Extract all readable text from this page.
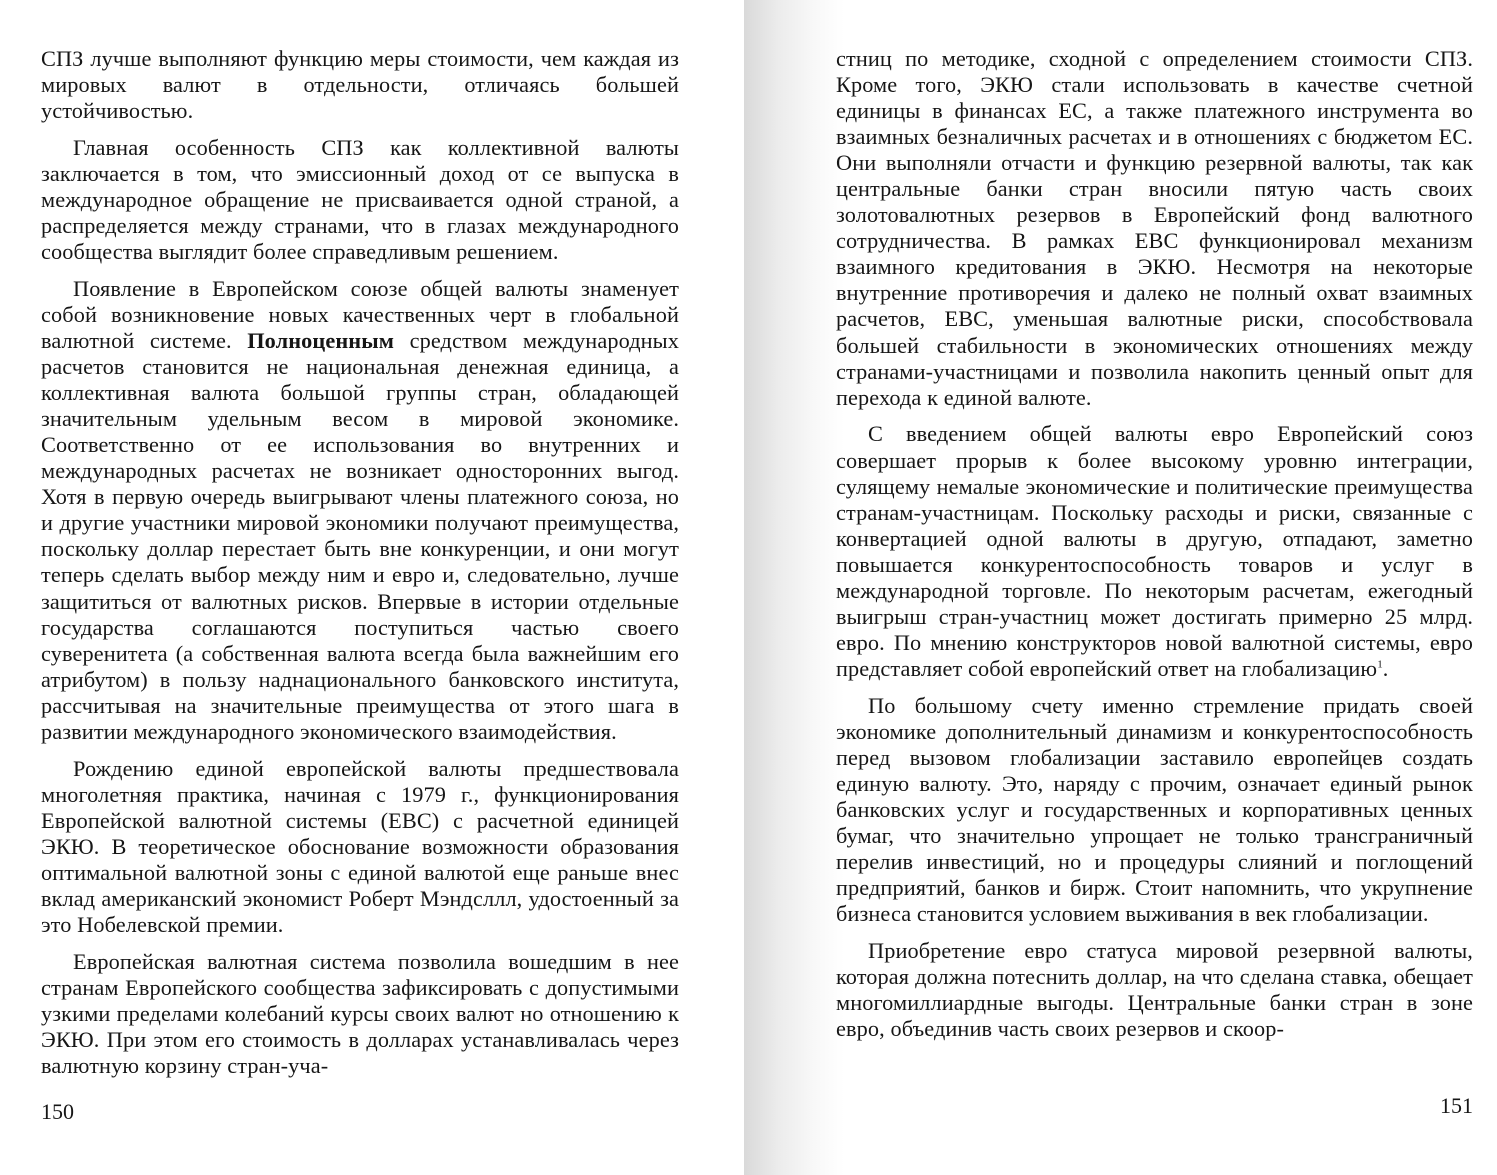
СПЗ лучше выполняют функцию меры стоимости, чем каждая из мировых валют в отдельности, отличаясь большей устойчивостью.

Главная особенность СПЗ как коллективной валюты заключается в том, что эмиссионный доход от се выпуска в международное обращение не присваивается одной страной, а распределяется между странами, что в глазах международного сообщества выглядит более справедливым решением.

Появление в Европейском союзе общей валюты знаменует собой возникновение новых качественных черт в глобальной валютной системе. Полноценным средством международных расчетов становится не национальная денежная единица, а коллективная валюта большой группы стран, обладающей значительным удельным весом в мировой экономике. Соответственно от ее использования во внутренних и международных расчетах не возникает односторонних выгод. Хотя в первую очередь выигрывают члены платежного союза, но и другие участники мировой экономики получают преимущества, поскольку доллар перестает быть вне конкуренции, и они могут теперь сделать выбор между ним и евро и, следовательно, лучше защититься от валютных рисков. Впервые в истории отдельные государства соглашаются поступиться частью своего суверенитета (а собственная валюта всегда была важнейшим его атрибутом) в пользу наднационального банковского института, рассчитывая на значительные преимущества от этого шага в развитии международного экономического взаимодействия.

Рождению единой европейской валюты предшествовала многолетняя практика, начиная с 1979 г., функционирования Европейской валютной системы (ЕВС) с расчетной единицей ЭКЮ. В теоретическое обоснование возможности образования оптимальной валютной зоны с единой валютой еще раньше внес вклад американский экономист Роберт Мэндсллл, удостоенный за это Нобелевской премии.

Европейская валютная система позволила вошедшим в нее странам Европейского сообщества зафиксировать с допустимыми узкими пределами колебаний курсы своих валют но отношению к ЭКЮ. При этом его стоимость в долларах устанавливалась через валютную корзину стран-уча-

150

стниц по методике, сходной с определением стоимости СПЗ. Кроме того, ЭКЮ стали использовать в качестве счетной единицы в финансах ЕС, а также платежного инструмента во взаимных безналичных расчетах и в отношениях с бюджетом ЕС. Они выполняли отчасти и функцию резервной валюты, так как центральные банки стран вносили пятую часть своих золотовалютных резервов в Европейский фонд валютного сотрудничества. В рамках ЕВС функционировал механизм взаимного кредитования в ЭКЮ. Несмотря на некоторые внутренние противоречия и далеко не полный охват взаимных расчетов, ЕВС, уменьшая валютные риски, способствовала большей стабильности в экономических отношениях между странами-участницами и позволила накопить ценный опыт для перехода к единой валюте.

С введением общей валюты евро Европейский союз совершает прорыв к более высокому уровню интеграции, сулящему немалые экономические и политические преимущества странам-участницам. Поскольку расходы и риски, связанные с конвертацией одной валюты в другую, отпадают, заметно повышается конкурентоспособность товаров и услуг в международной торговле. По некоторым расчетам, ежегодный выигрыш стран-участниц может достигать примерно 25 млрд. евро. По мнению конструкторов новой валютной системы, евро представляет собой европейский ответ на глобализацию$^1$.

По большому счету именно стремление придать своей экономике дополнительный динамизм и конкурентоспособность перед вызовом глобализации заставило европейцев создать единую валюту. Это, наряду с прочим, означает единый рынок банковских услуг и государственных и корпоративных ценных бумаг, что значительно упрощает не только трансграничный перелив инвестиций, но и процедуры слияний и поглощений предприятий, банков и бирж. Стоит напомнить, что укрупнение бизнеса становится условием выживания в век глобализации.

Приобретение евро статуса мировой резервной валюты, которая должна потеснить доллар, на что сделана ставка, обещает многомиллиардные выгоды. Центральные банки стран в зоне евро, объединив часть своих резервов и скоор-

151
